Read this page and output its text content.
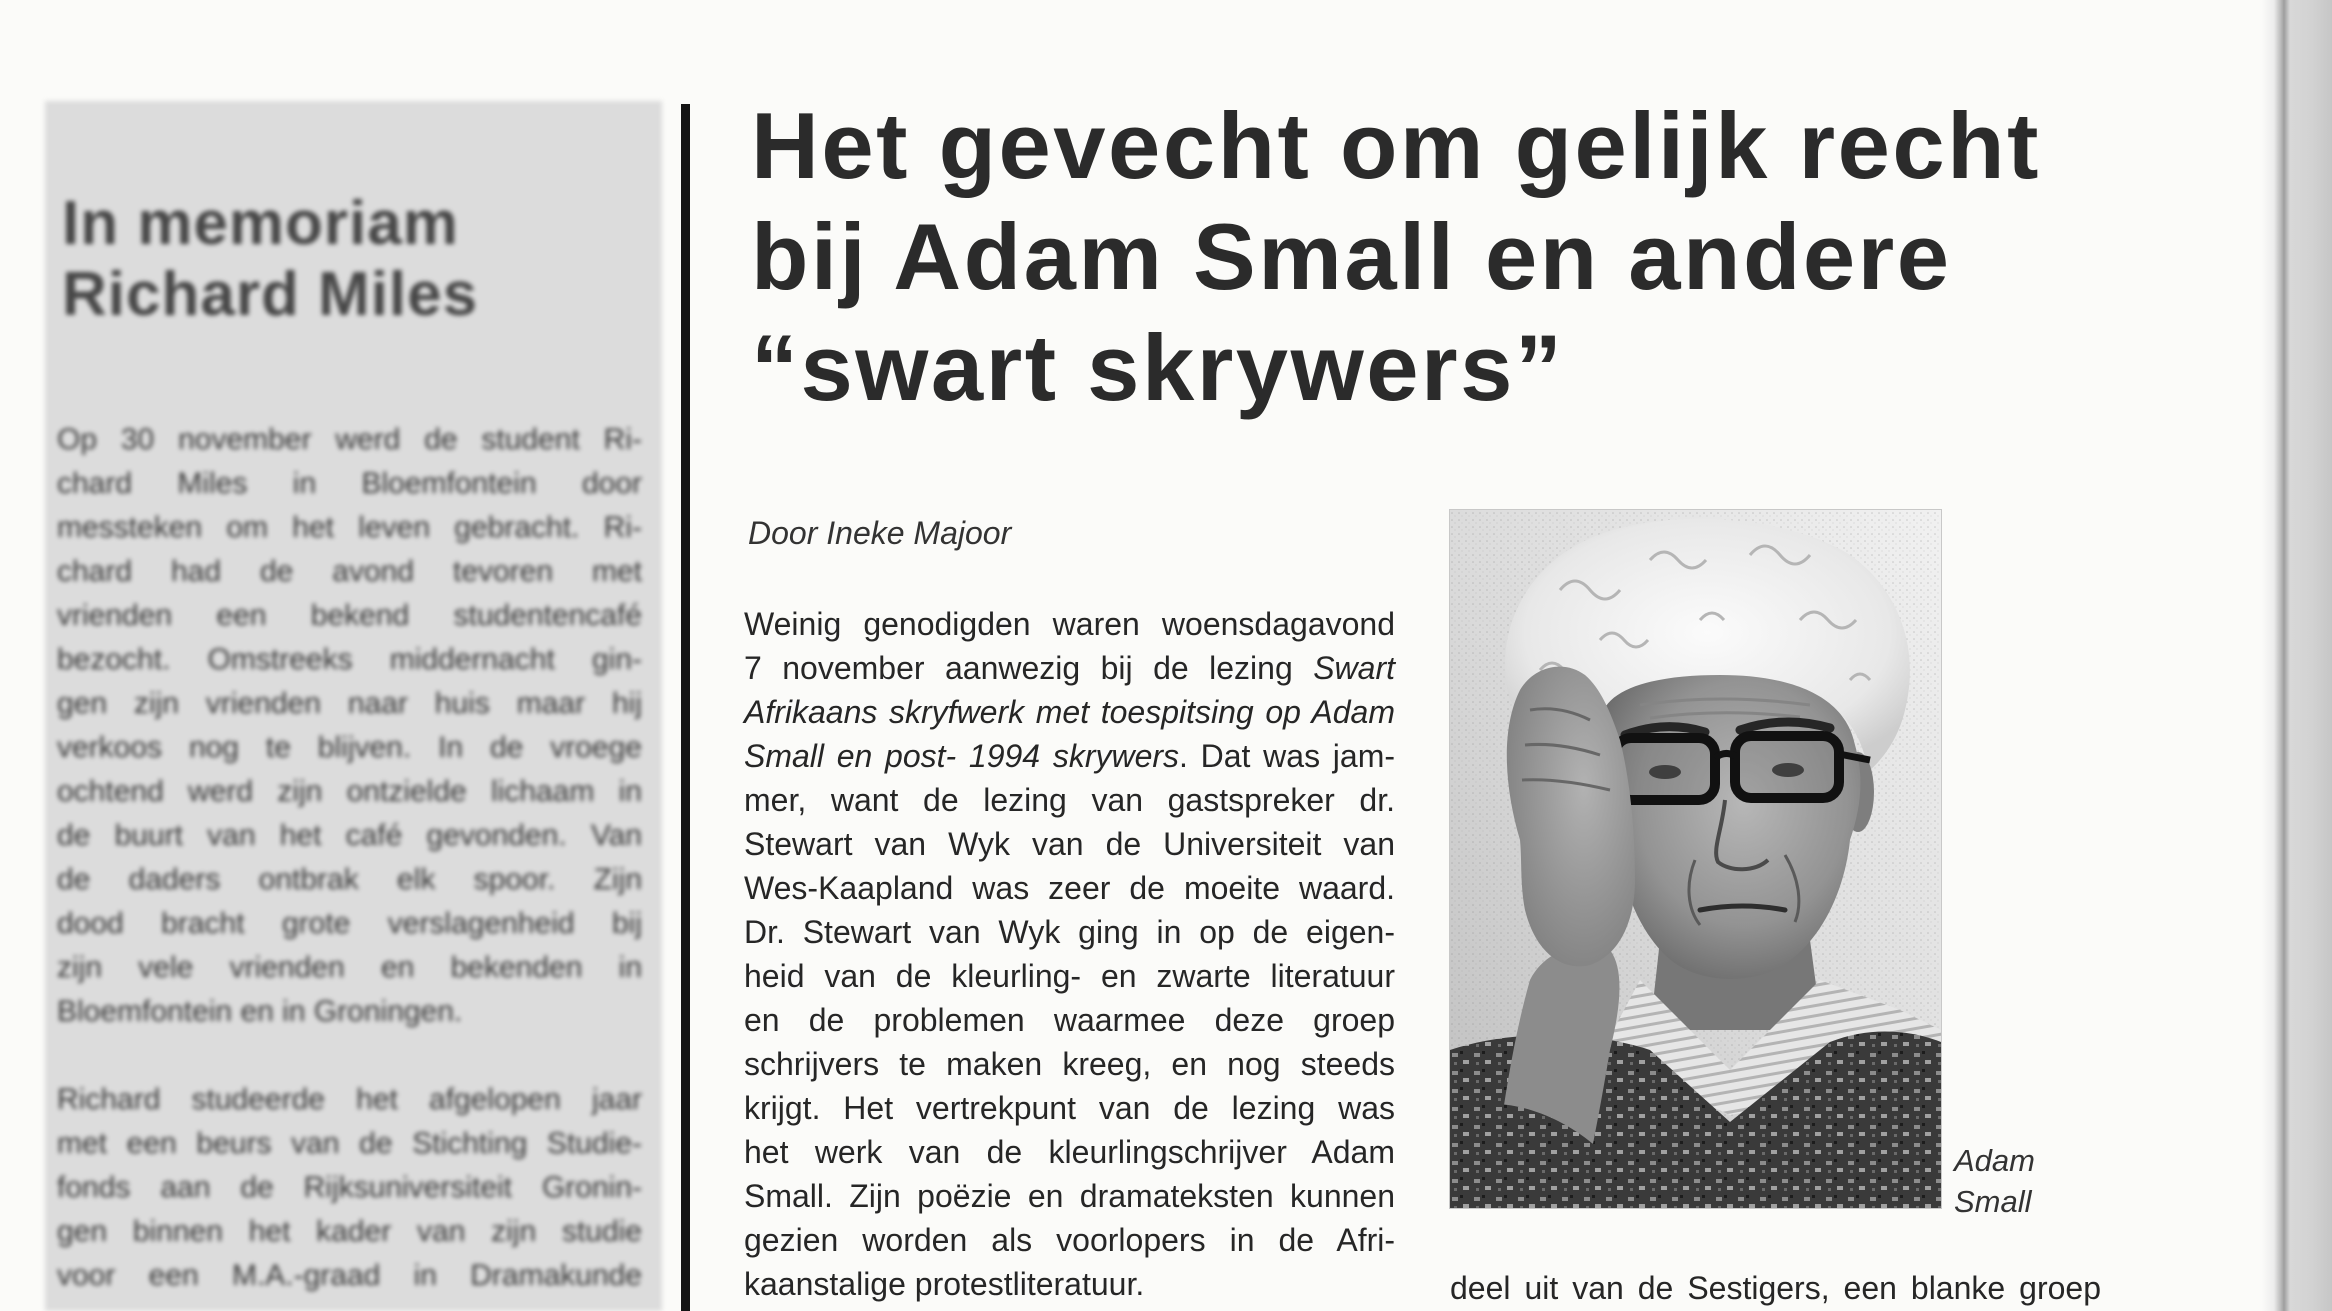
In memoriam
Richard Miles
Op 30 november werd de student Ri-
chard Miles in Bloemfontein door
messteken om het leven gebracht. Ri-
chard had de avond tevoren met
vrienden een bekend studentencafé
bezocht. Omstreeks middernacht gin-
gen zijn vrienden naar huis maar hij
verkoos nog te blijven. In de vroege
ochtend werd zijn ontzielde lichaam in
de buurt van het café gevonden. Van
de daders ontbrak elk spoor. Zijn
dood bracht grote verslagenheid bij
zijn vele vrienden en bekenden in
Bloemfontein en in Groningen.
Richard studeerde het afgelopen jaar
met een beurs van de Stichting Studie-
fonds aan de Rijksuniversiteit Gronin-
gen binnen het kader van zijn studie
voor een M.A.-graad in Dramakunde
Het gevecht om gelijk recht
bij Adam Small en andere
“swart skrywers”

Door Ineke Majoor

Weinig genodigden waren woensdagavond
7 november aanwezig bij de lezing Swart
Afrikaans skryfwerk met toespitsing op Adam
Small en post- 1994 skrywers. Dat was jam-
mer, want de lezing van gastspreker dr.
Stewart van Wyk van de Universiteit van
Wes-Kaapland was zeer de moeite waard.
Dr. Stewart van Wyk ging in op de eigen-
heid van de kleurling- en zwarte literatuur
en de problemen waarmee deze groep
schrijvers te maken kreeg, en nog steeds
krijgt. Het vertrekpunt van de lezing was
het werk van de kleurlingschrijver Adam
Small. Zijn poëzie en dramateksten kunnen
gezien worden als voorlopers in de Afri-
kaanstalige protestliteratuur.
Adam
Small
deel uit van de Sestigers, een blanke groep
